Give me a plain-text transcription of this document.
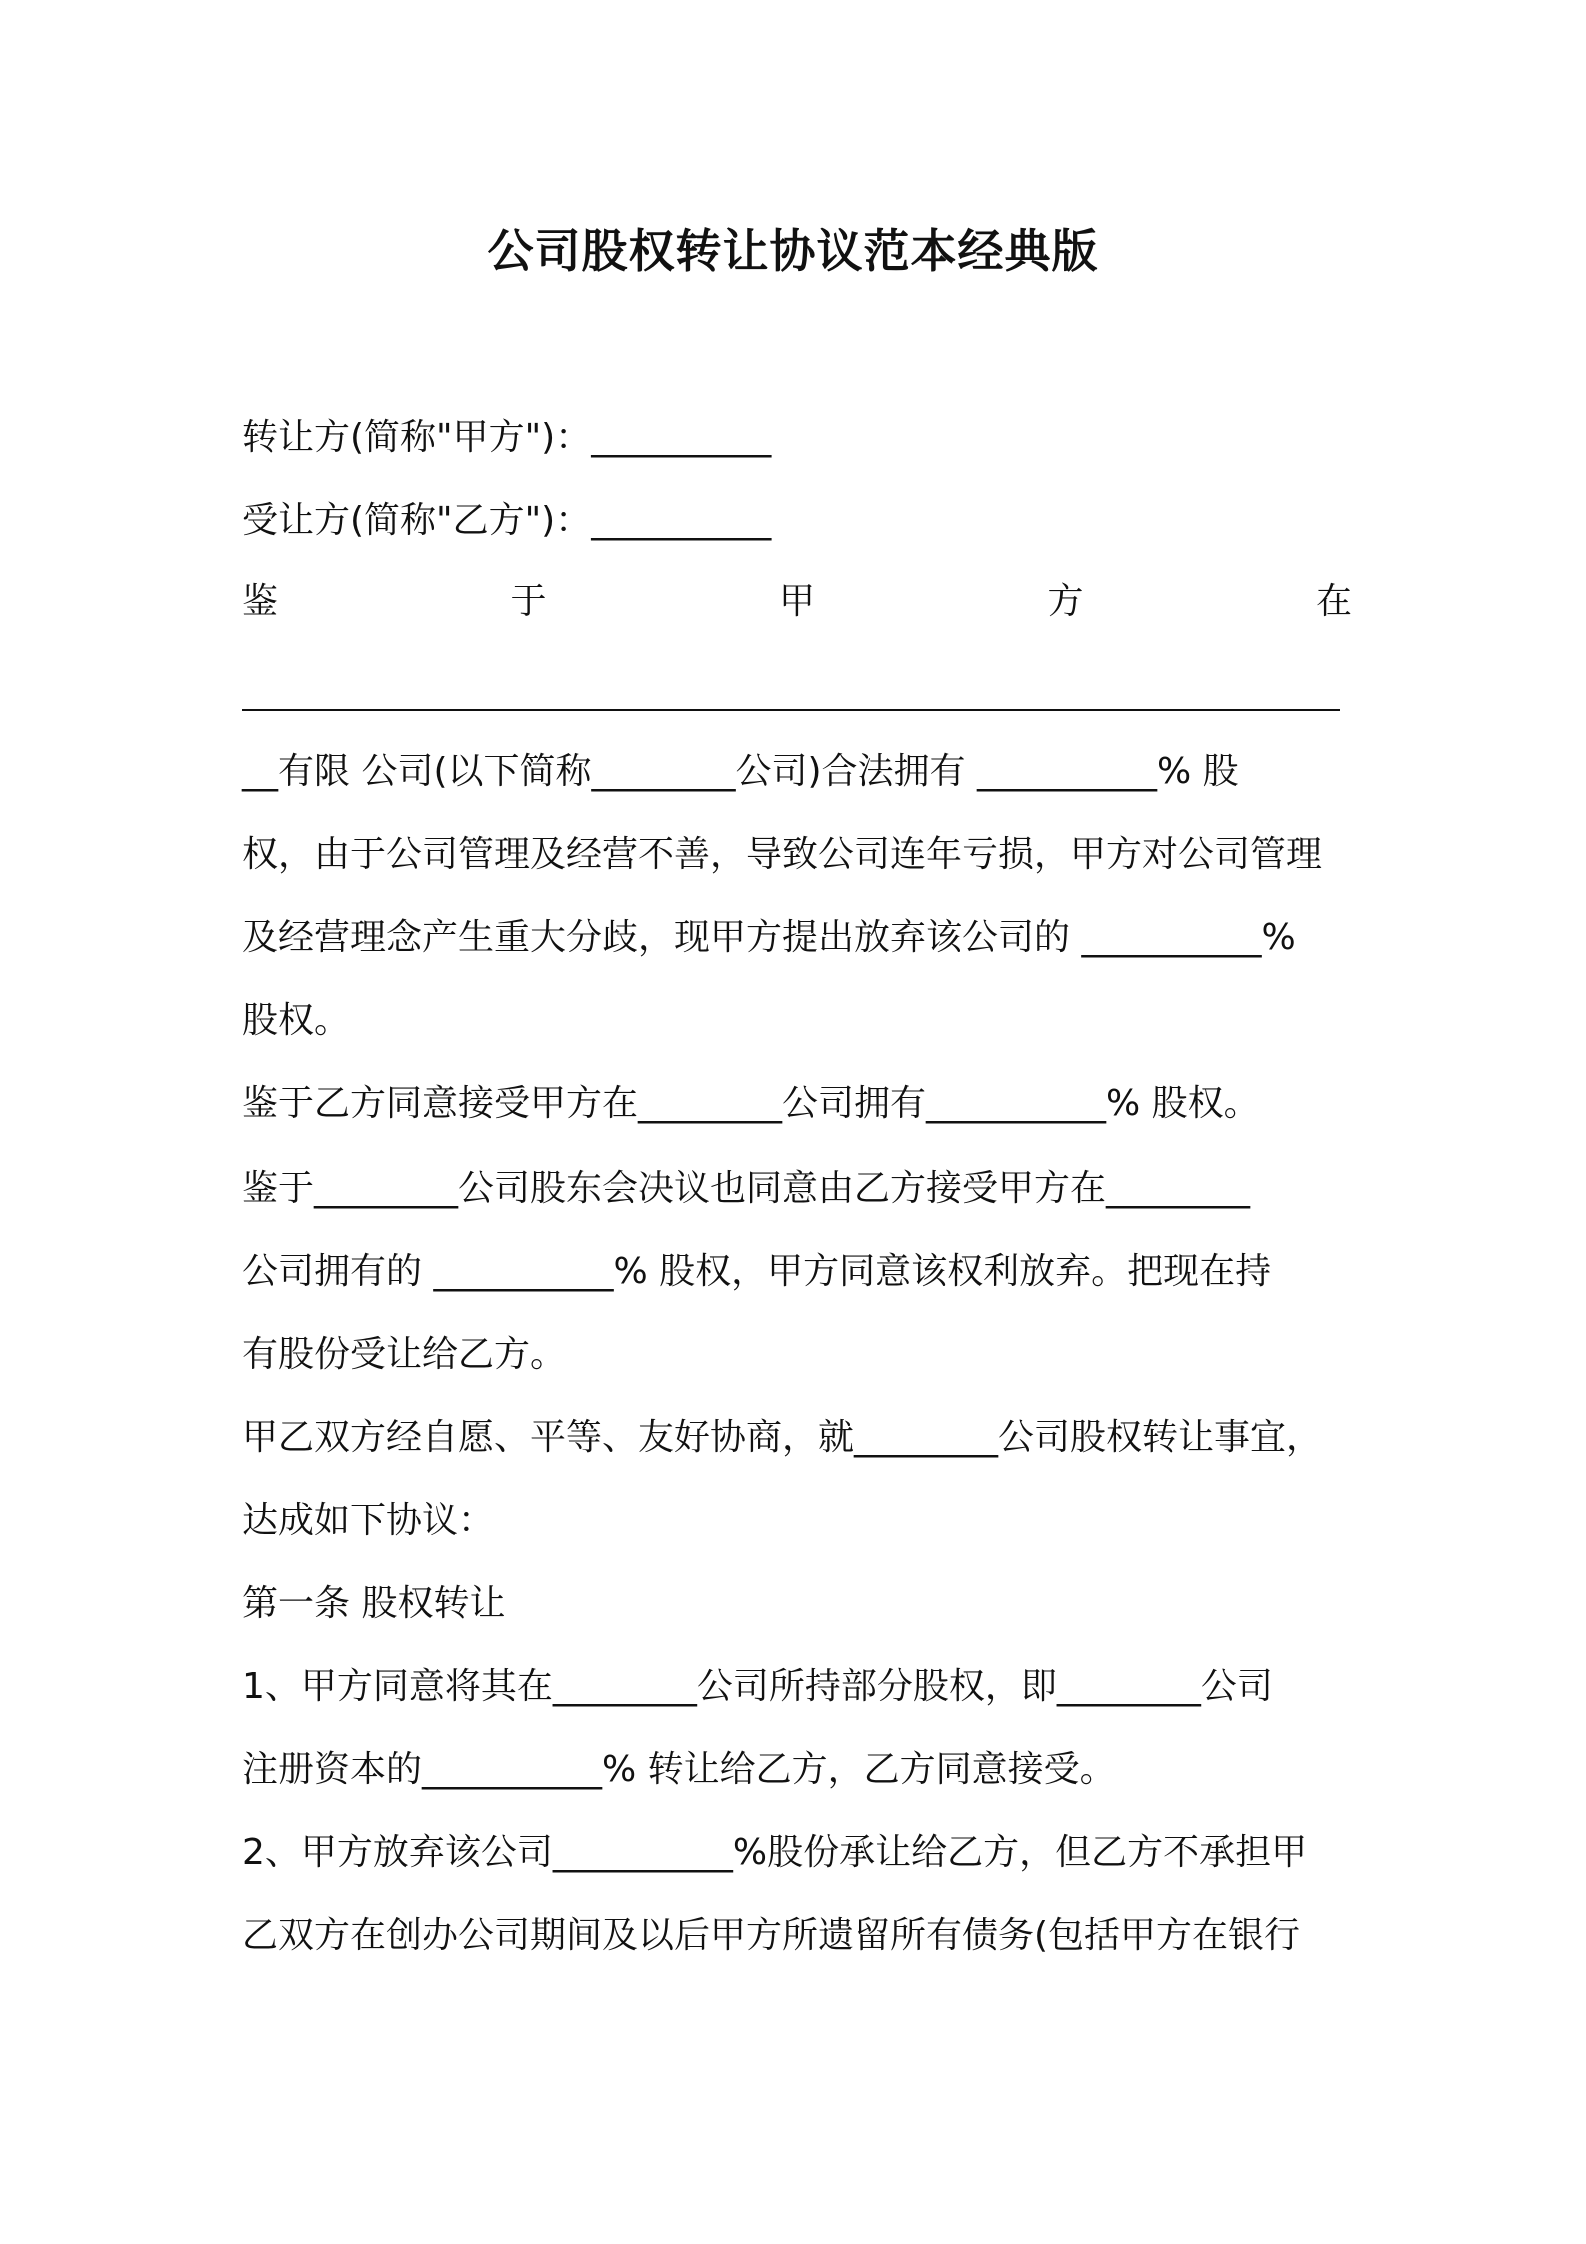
公司股权转让协议范本经典版
转让方(简称"甲方")：__________
受让方(简称"乙方")：__________
鉴	于	甲	方	在
__有限 公司(以下简称________公司)合法拥有 __________% 股
权，由于公司管理及经营不善，导致公司连年亏损，甲方对公司管理
及经营理念产生重大分歧，现甲方提出放弃该公司的 __________%
股权。
鉴于乙方同意接受甲方在________公司拥有__________% 股权。
鉴于________公司股东会决议也同意由乙方接受甲方在________
公司拥有的 __________% 股权，甲方同意该权利放弃。把现在持
有股份受让给乙方。
甲乙双方经自愿、平等、友好协商，就________公司股权转让事宜，
达成如下协议：
第一条 股权转让
1、甲方同意将其在________公司所持部分股权，即________公司
注册资本的__________% 转让给乙方，乙方同意接受。
2、甲方放弃该公司__________%股份承让给乙方，但乙方不承担甲
乙双方在创办公司期间及以后甲方所遗留所有债务(包括甲方在银行
